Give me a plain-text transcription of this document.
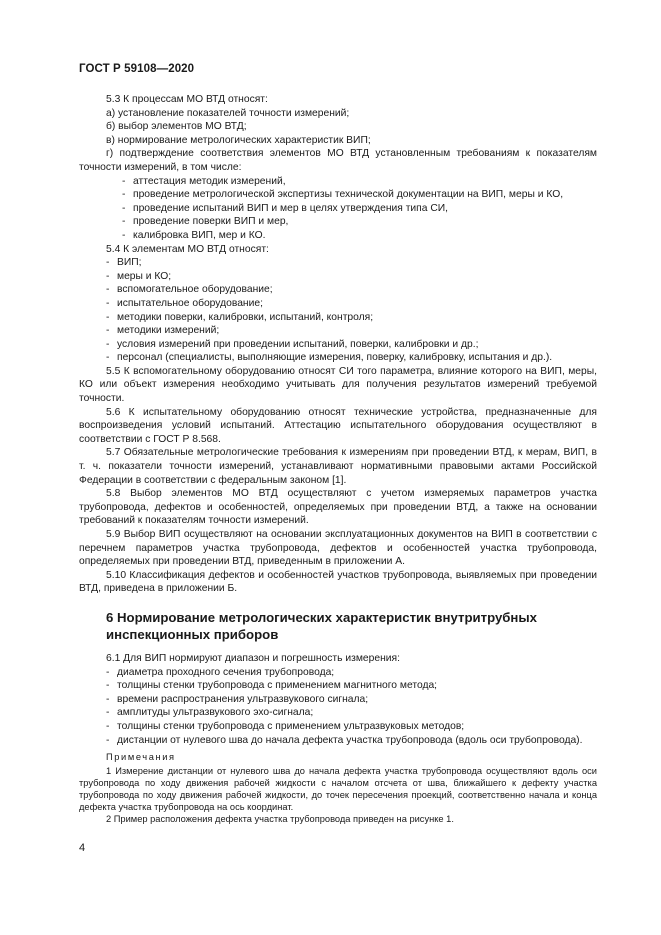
ГОСТ Р 59108—2020

5.3 К процессам МО ВТД относят:

а) установление показателей точности измерений;

б) выбор элементов МО ВТД;

в) нормирование метрологических характеристик ВИП;

г) подтверждение соответствия элементов МО ВТД установленным требованиям к показателям точности измерений, в том числе:

- аттестация методик измерений,

- проведение метрологической экспертизы технической документации на ВИП, меры и КО,

- проведение испытаний ВИП и мер в целях утверждения типа СИ,

- проведение поверки ВИП и мер,

- калибровка ВИП, мер и КО.

5.4 К элементам МО ВТД относят:

- ВИП;

- меры и КО;

- вспомогательное оборудование;

- испытательное оборудование;

- методики поверки, калибровки, испытаний, контроля;

- методики измерений;

- условия измерений при проведении испытаний, поверки, калибровки и др.;

- персонал (специалисты, выполняющие измерения, поверку, калибровку, испытания и др.).

5.5 К вспомогательному оборудованию относят СИ того параметра, влияние которого на ВИП, меры, КО или объект измерения необходимо учитывать для получения результатов измерений требуемой точности.

5.6 К испытательному оборудованию относят технические устройства, предназначенные для воспроизведения условий испытаний. Аттестацию испытательного оборудования осуществляют в соответствии с ГОСТ Р 8.568.

5.7 Обязательные метрологические требования к измерениям при проведении ВТД, к мерам, ВИП, в т. ч. показатели точности измерений, устанавливают нормативными правовыми актами Российской Федерации в соответствии с федеральным законом [1].

5.8 Выбор элементов МО ВТД осуществляют с учетом измеряемых параметров участка трубопровода, дефектов и особенностей, определяемых при проведении ВТД, а также на основании требований к показателям точности измерений.

5.9 Выбор ВИП осуществляют на основании эксплуатационных документов на ВИП в соответствии с перечнем параметров участка трубопровода, дефектов и особенностей участка трубопровода, определяемых при проведении ВТД, приведенным в приложении А.

5.10 Классификация дефектов и особенностей участков трубопровода, выявляемых при проведении ВТД, приведена в приложении Б.

6 Нормирование метрологических характеристик внутритрубных инспекционных приборов

6.1 Для ВИП нормируют диапазон и погрешность измерения:

- диаметра проходного сечения трубопровода;

- толщины стенки трубопровода с применением магнитного метода;

- времени распространения ультразвукового сигнала;

- амплитуды ультразвукового эхо-сигнала;

- толщины стенки трубопровода с применением ультразвуковых методов;

- дистанции от нулевого шва до начала дефекта участка трубопровода (вдоль оси трубопровода).

Примечания

1 Измерение дистанции от нулевого шва до начала дефекта участка трубопровода осуществляют вдоль оси трубопровода по ходу движения рабочей жидкости с началом отсчета от шва, ближайшего к дефекту участка трубопровода по ходу движения рабочей жидкости, до точек пересечения проекций, соответственно начала и конца дефекта участка трубопровода на ось координат.

2 Пример расположения дефекта участка трубопровода приведен на рисунке 1.

4
